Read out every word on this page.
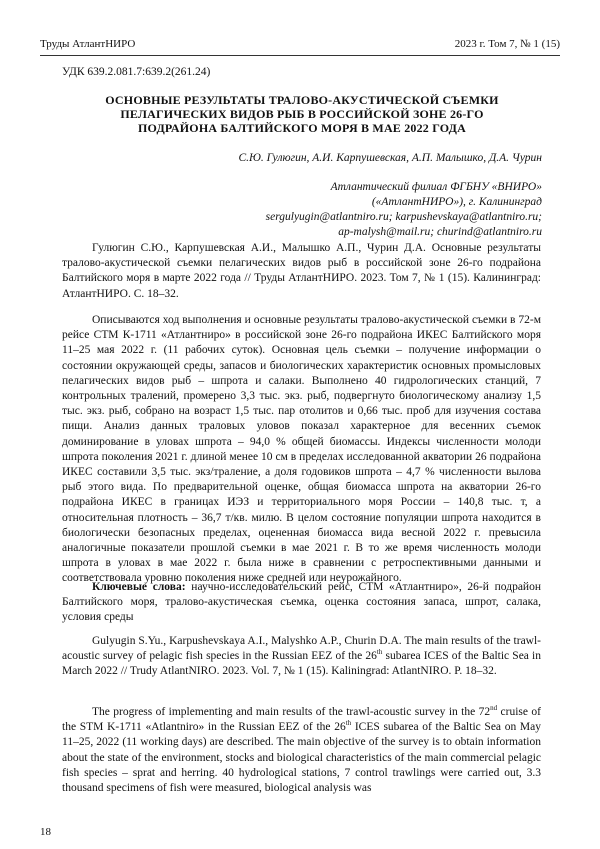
Труды АтлантНИРО	2023 г. Том 7, № 1 (15)
УДК 639.2.081.7:639.2(261.24)
ОСНОВНЫЕ РЕЗУЛЬТАТЫ ТРАЛОВО-АКУСТИЧЕСКОЙ СЪЕМКИ
ПЕЛАГИЧЕСКИХ ВИДОВ РЫБ В РОССИЙСКОЙ ЗОНЕ 26-ГО
ПОДРАЙОНА БАЛТИЙСКОГО МОРЯ В МАЕ 2022 ГОДА
С.Ю. Гулюгин, А.И. Карпушевская, А.П. Малышко, Д.А. Чурин
Атлантический филиал ФГБНУ «ВНИРО»
(«АтлантНИРО»), г. Калининград
sergulyugin@atlantniro.ru; karpushevskaya@atlantniro.ru;
ap-malysh@mail.ru; churind@atlantniro.ru
Гулюгин С.Ю., Карпушевская А.И., Малышко А.П., Чурин Д.А. Основные результаты тралово-акустической съемки пелагических видов рыб в российской зоне 26-го подрайона Балтийского моря в марте 2022 года // Труды АтлантНИРО. 2023. Том 7, № 1 (15). Калининград: АтлантНИРО. С. 18–32.
Описываются ход выполнения и основные результаты тралово-акустической съемки в 72-м рейсе СТМ К-1711 «Атлантниро» в российской зоне 26-го подрайона ИКЕС Балтийского моря 11–25 мая 2022 г. (11 рабочих суток). Основная цель съемки – получение информации о состоянии окружающей среды, запасов и биологических характеристик основных промысловых пелагических видов рыб – шпрота и салаки. Выполнено 40 гидрологических станций, 7 контрольных тралений, промерено 3,3 тыс. экз. рыб, подвергнуто биологическому анализу 1,5 тыс. экз. рыб, собрано на возраст 1,5 тыс. пар отолитов и 0,66 тыс. проб для изучения состава пищи. Анализ данных траловых уловов показал характерное для весенних съемок доминирование в уловах шпрота – 94,0 % общей биомассы. Индексы численности молоди шпрота поколения 2021 г. длиной менее 10 см в пределах исследованной акватории 26 подрайона ИКЕС составили 3,5 тыс. экз/траление, а доля годовиков шпрота – 4,7 % численности вылова рыб этого вида. По предварительной оценке, общая биомасса шпрота на акватории 26-го подрайона ИКЕС в границах ИЭЗ и территориального моря России – 140,8 тыс. т, а относительная плотность – 36,7 т/кв. милю. В целом состояние популяции шпрота находится в биологически безопасных пределах, оцененная биомасса вида весной 2022 г. превысила аналогичные показатели прошлой съемки в мае 2021 г. В то же время численность молоди шпрота в уловах в мае 2022 г. была ниже в сравнении с ретроспективными данными и соответствовала уровню поколения ниже средней или неурожайного.
Ключевые слова: научно-исследовательский рейс, СТМ «Атлантниро», 26-й подрайон Балтийского моря, тралово-акустическая съемка, оценка состояния запаса, шпрот, салака, условия среды
Gulyugin S.Yu., Karpushevskaya A.I., Malyshko A.P., Churin D.A. The main results of the trawl-acoustic survey of pelagic fish species in the Russian EEZ of the 26th subarea ICES of the Baltic Sea in March 2022 // Trudy AtlantNIRO. 2023. Vol. 7, № 1 (15). Kaliningrad: AtlantNIRO. P. 18–32.
The progress of implementing and main results of the trawl-acoustic survey in the 72nd cruise of the STM K-1711 «Atlantniro» in the Russian EEZ of the 26th ICES subarea of the Baltic Sea on May 11–25, 2022 (11 working days) are described. The main objective of the survey is to obtain information about the state of the environment, stocks and biological characteristics of the main commercial pelagic fish species – sprat and herring. 40 hydrological stations, 7 control trawlings were carried out, 3.3 thousand specimens of fish were measured, biological analysis was
18
